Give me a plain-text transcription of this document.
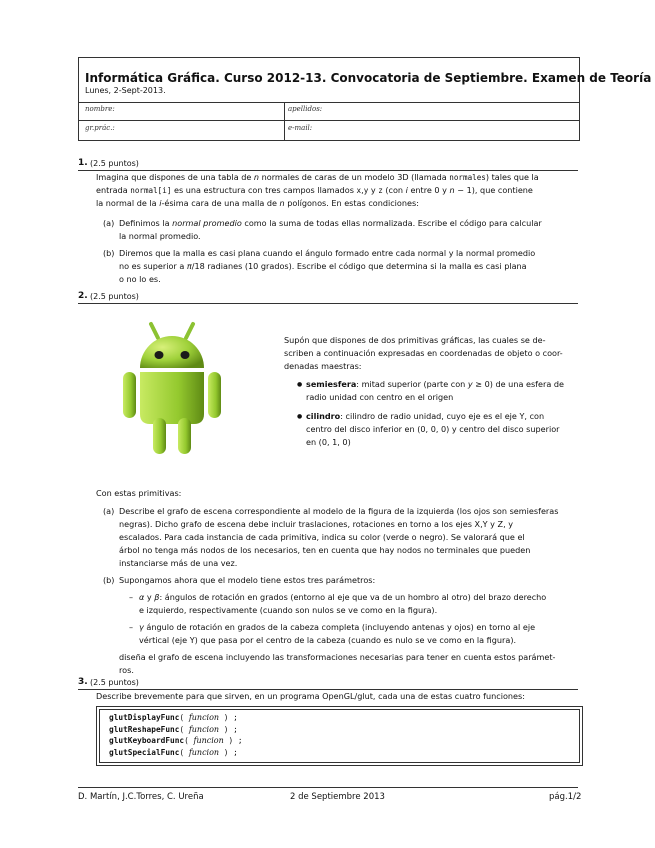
Informática Gráfica. Curso 2012-13. Convocatoria de Septiembre. Examen de Teoría
Lunes, 2-Sept-2013.
nombre:	apellidos:
gr.prác.:	e-mail:
1. (2.5 puntos)
Imagina que dispones de una tabla de n normales de caras de un modelo 3D (llamada normales) tales que la
entrada normal[i] es una estructura con tres campos llamados x,y y z (con i entre 0 y n − 1), que contiene
la normal de la i-ésima cara de una malla de n polígonos. En estas condiciones:
(a) Definimos la normal promedio como la suma de todas ellas normalizada. Escribe el código para calcular
la normal promedio.
(b) Diremos que la malla es casi plana cuando el ángulo formado entre cada normal y la normal promedio
no es superior a π/18 radianes (10 grados). Escribe el código que determina si la malla es casi plana
o no lo es.
2. (2.5 puntos)
Supón que dispones de dos primitivas gráficas, las cuales se de-
scriben a continuación expresadas en coordenadas de objeto o coor-
denadas maestras:
● semiesfera: mitad superior (parte con y ≥ 0) de una esfera de
radio unidad con centro en el origen
● cilindro: cilindro de radio unidad, cuyo eje es el eje Y, con
centro del disco inferior en (0, 0, 0) y centro del disco superior
en (0, 1, 0)
Con estas primitivas:
(a) Describe el grafo de escena correspondiente al modelo de la figura de la izquierda (los ojos son semiesferas
negras). Dicho grafo de escena debe incluir traslaciones, rotaciones en torno a los ejes X,Y y Z, y
escalados. Para cada instancia de cada primitiva, indica su color (verde o negro). Se valorará que el
árbol no tenga más nodos de los necesarios, ten en cuenta que hay nodos no terminales que pueden
instanciarse más de una vez.
(b) Supongamos ahora que el modelo tiene estos tres parámetros:
– α y β: ángulos de rotación en grados (entorno al eje que va de un hombro al otro) del brazo derecho
e izquierdo, respectivamente (cuando son nulos se ve como en la figura).
– γ ángulo de rotación en grados de la cabeza completa (incluyendo antenas y ojos) en torno al eje
vértical (eje Y) que pasa por el centro de la cabeza (cuando es nulo se ve como en la figura).
diseña el grafo de escena incluyendo las transformaciones necesarias para tener en cuenta estos parámet-
ros.
3. (2.5 puntos)
Describe brevemente para que sirven, en un programa OpenGL/glut, cada una de estas cuatro funciones:
glutDisplayFunc( funcion ) ;
glutReshapeFunc( funcion ) ;
glutKeyboardFunc( funcion ) ;
glutSpecialFunc( funcion ) ;
D. Martín, J.C.Torres, C. Ureña	2 de Septiembre 2013	pág.1/2
